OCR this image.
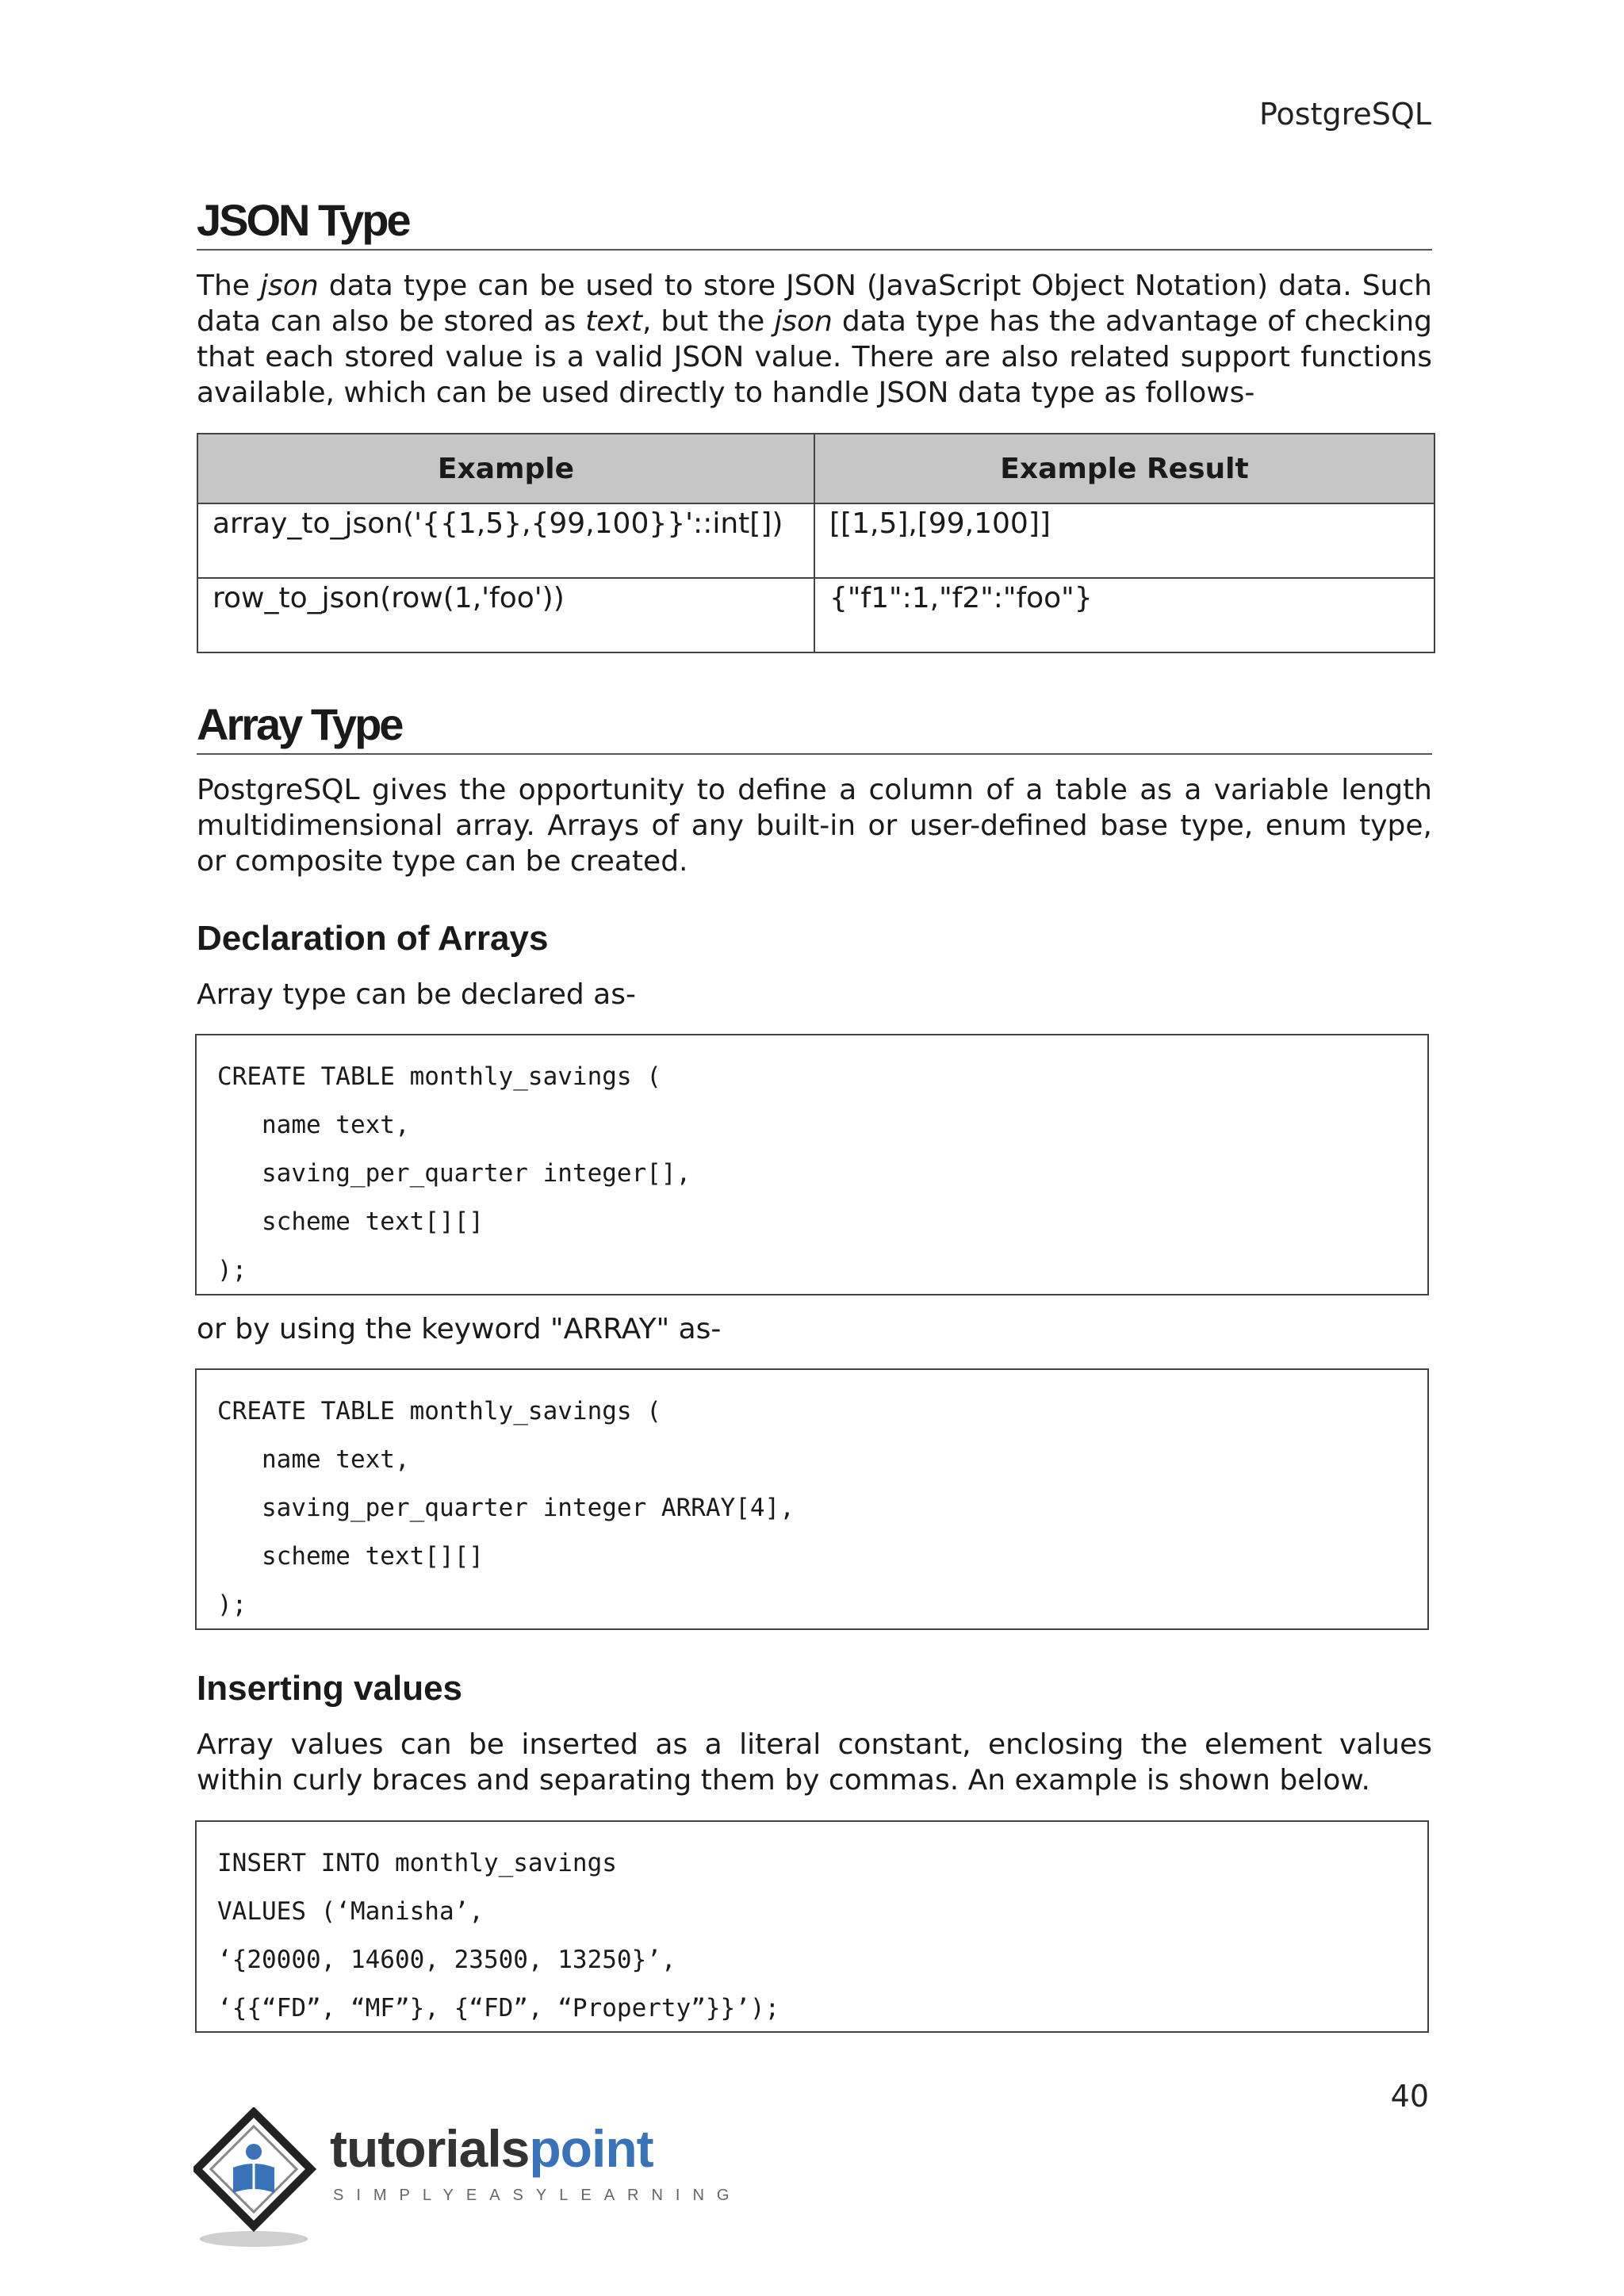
PostgreSQL
JSON Type

The json data type can be used to store JSON (JavaScript Object Notation) data. Such data can also be stored as text, but the json data type has the advantage of checking that each stored value is a valid JSON value. There are also related support functions available, which can be used directly to handle JSON data type as follows-

Example	Example Result
array_to_json('{{1,5},{99,100}}'::int[])	[[1,5],[99,100]]
row_to_json(row(1,'foo'))	{"f1":1,"f2":"foo"}
Array Type

PostgreSQL gives the opportunity to define a column of a table as a variable length multidimensional array. Arrays of any built-in or user-defined base type, enum type, or composite type can be created.

Declaration of Arrays

Array type can be declared as-

CREATE TABLE monthly_savings (
name text,
saving_per_quarter integer[],
scheme text[][]
);

or by using the keyword "ARRAY" as-

CREATE TABLE monthly_savings (
name text,
saving_per_quarter integer ARRAY[4],
scheme text[][]
);
Inserting values

Array values can be inserted as a literal constant, enclosing the element values within curly braces and separating them by commas. An example is shown below.

INSERT INTO monthly_savings
VALUES (‘Manisha’,
‘{20000, 14600, 23500, 13250}’,
‘{{“FD”, “MF”}, {“FD”, “Property”}}’);
40
tutorialspoint
SIMPLYEASYLEARNING
